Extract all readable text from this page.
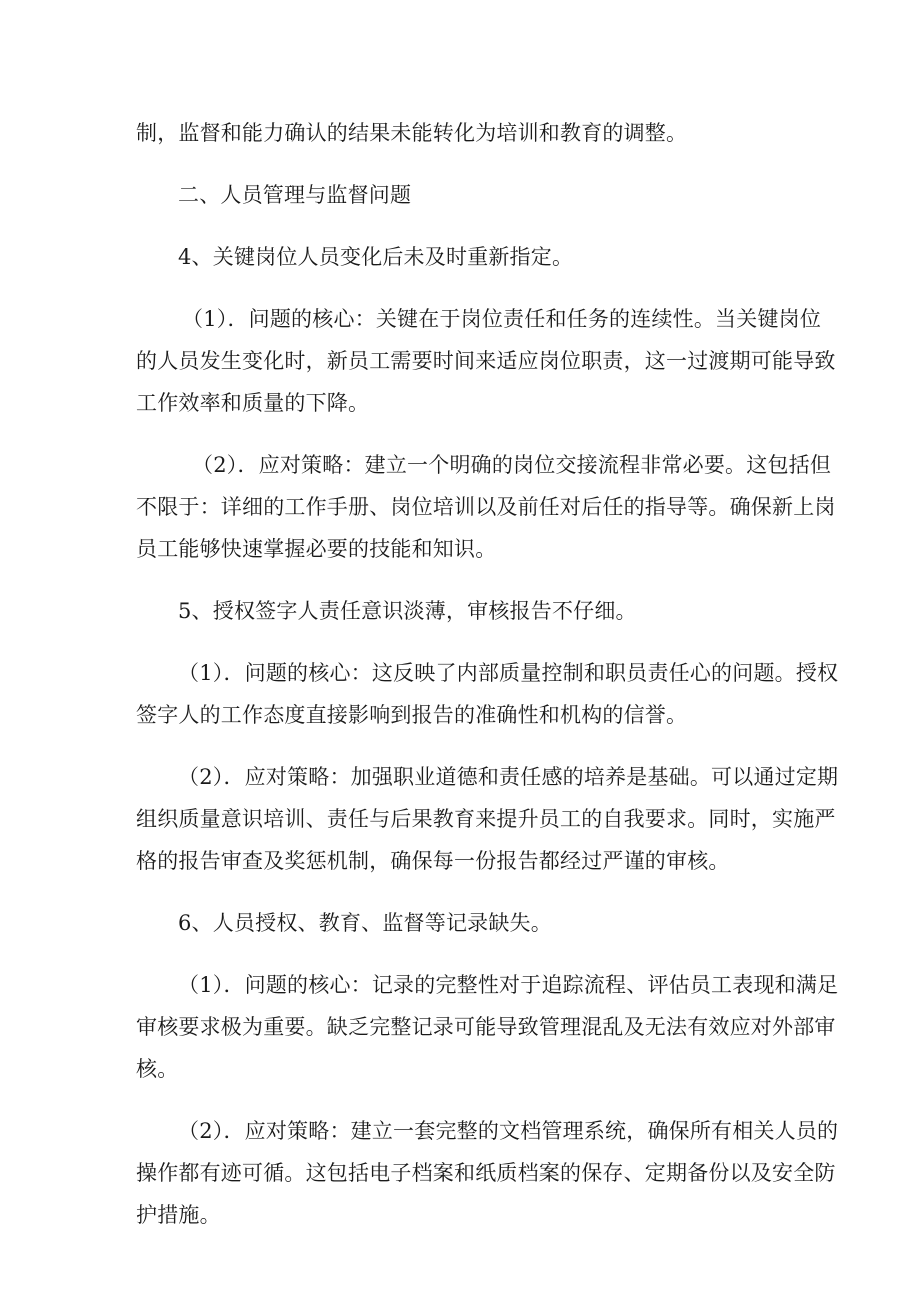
制，监督和能力确认的结果未能转化为培训和教育的调整。
二、人员管理与监督问题
4、关键岗位人员变化后未及时重新指定。
（1）．问题的核心：关键在于岗位责任和任务的连续性。当关键岗位
的人员发生变化时，新员工需要时间来适应岗位职责，这一过渡期可能导致
工作效率和质量的下降。
（2）．应对策略：建立一个明确的岗位交接流程非常必要。这包括但
不限于：详细的工作手册、岗位培训以及前任对后任的指导等。确保新上岗
员工能够快速掌握必要的技能和知识。
5、授权签字人责任意识淡薄，审核报告不仔细。
（1）．问题的核心：这反映了内部质量控制和职员责任心的问题。授权
签字人的工作态度直接影响到报告的准确性和机构的信誉。
（2）．应对策略：加强职业道德和责任感的培养是基础。可以通过定期
组织质量意识培训、责任与后果教育来提升员工的自我要求。同时，实施严
格的报告审查及奖惩机制，确保每一份报告都经过严谨的审核。
6、人员授权、教育、监督等记录缺失。
（1）．问题的核心：记录的完整性对于追踪流程、评估员工表现和满足
审核要求极为重要。缺乏完整记录可能导致管理混乱及无法有效应对外部审
核。
（2）．应对策略：建立一套完整的文档管理系统，确保所有相关人员的
操作都有迹可循。这包括电子档案和纸质档案的保存、定期备份以及安全防
护措施。
